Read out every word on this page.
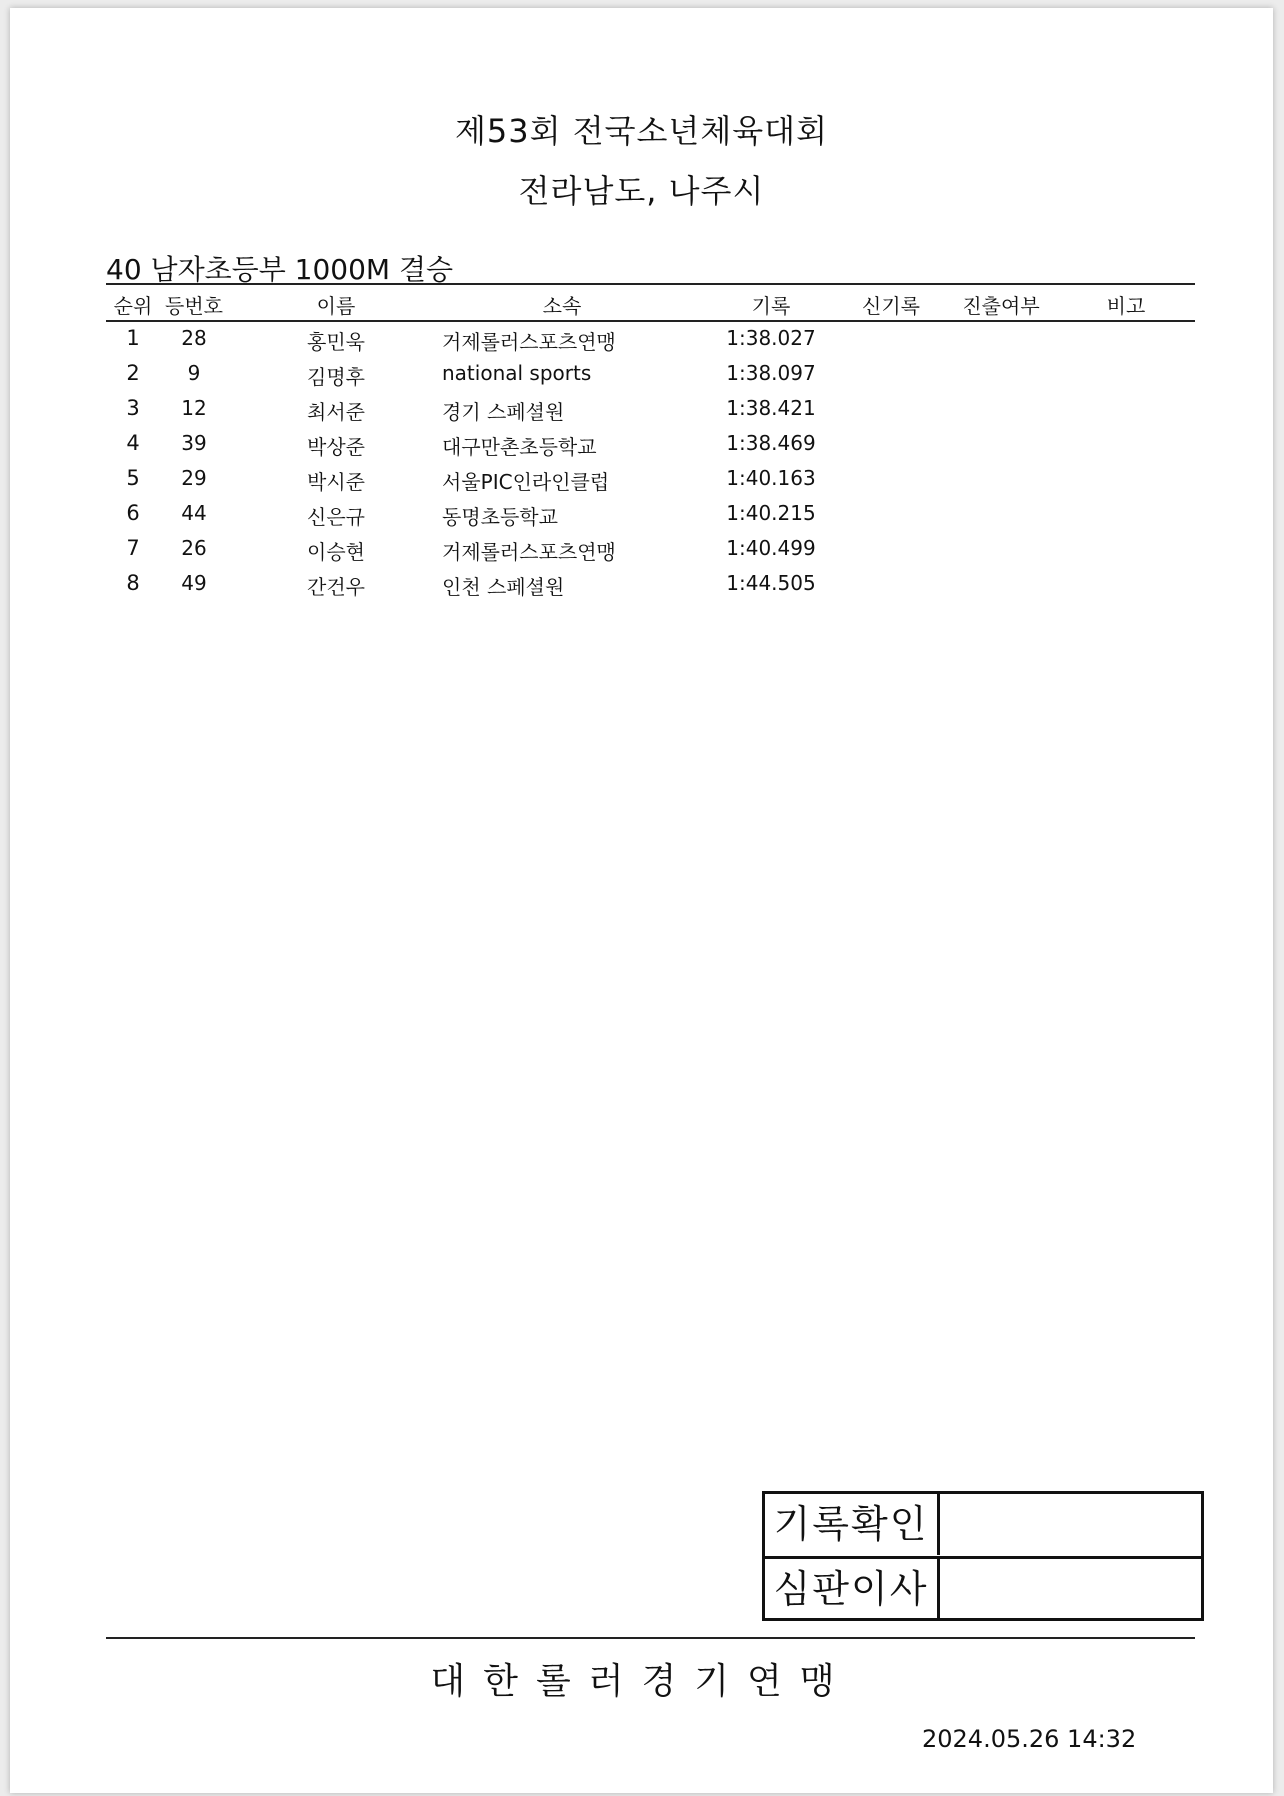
제53회 전국소년체육대회
전라남도, 나주시
40 남자초등부 1000M 결승
순위 등번호	이름	소속	기록	신기록	진출여부	비고
1	28	홍민욱	거제롤러스포츠연맹	1:38.027
2	9	김명후	national sports	1:38.097
3	12	최서준	경기 스페셜원	1:38.421
4	39	박상준	대구만촌초등학교	1:38.469
5	29	박시준	서울PIC인라인클럽	1:40.163
6	44	신은규	동명초등학교	1:40.215
7	26	이승현	거제롤러스포츠연맹	1:40.499
8	49	간건우	인천 스페셜원	1:44.505
기록확인
심판이사
대한롤러경기연맹
2024.05.26 14:32
